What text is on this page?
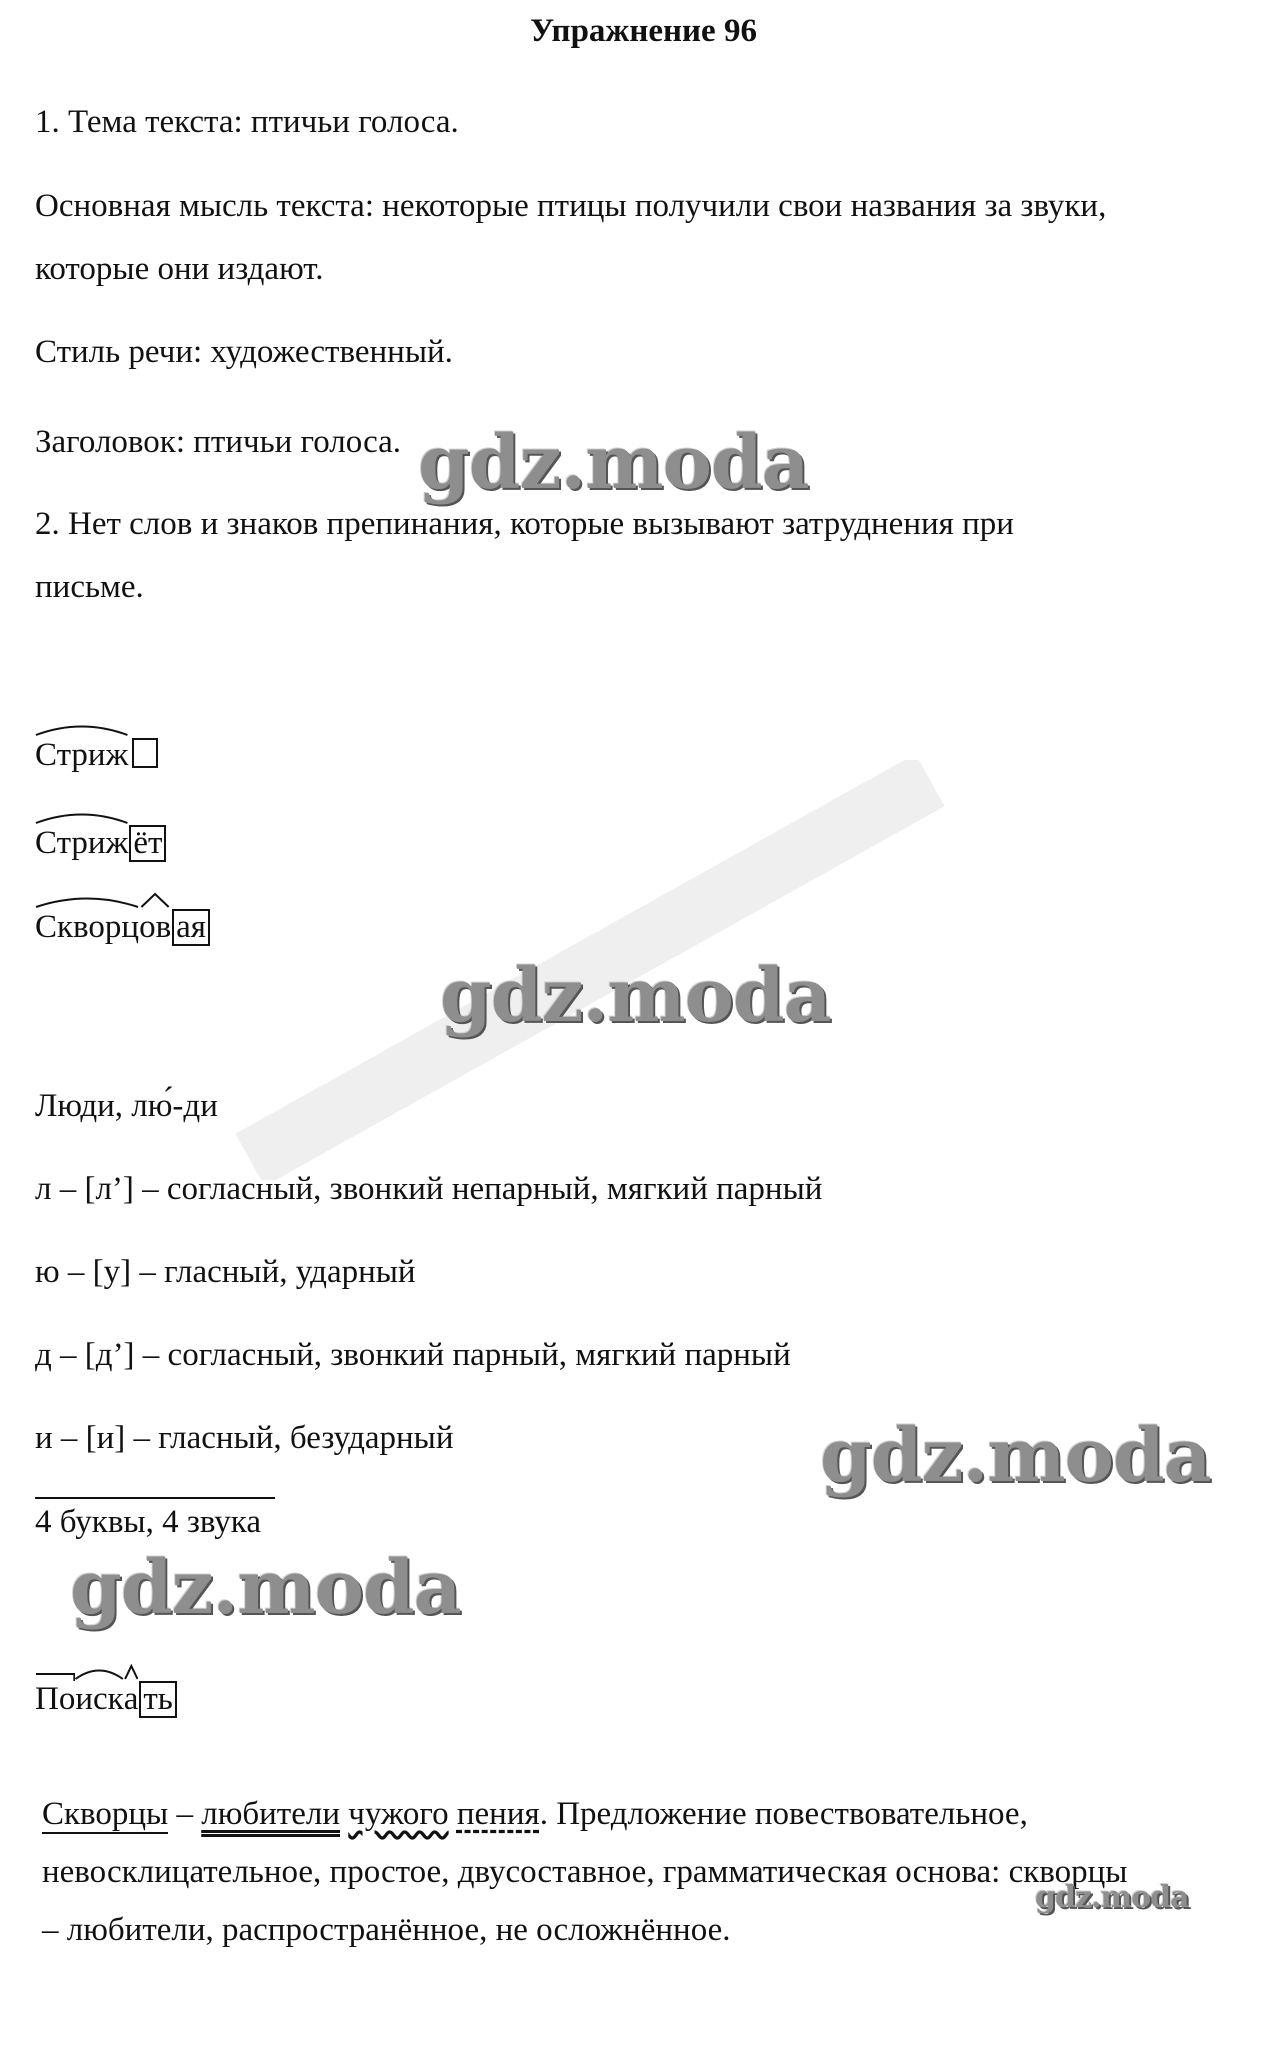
Упражнение 96
1. Тема текста: птичьи голоса.
Основная мысль текста: некоторые птицы получили свои названия за звуки,
которые они издают.
Стиль речи: художественный.
Заголовок: птичьи голоса.
2. Нет слов и знаков препинания, которые вызывают затруднения при
письме.
Стриж
Стриж ёт
Скворц
ов ая
Люди, лю́-ди
л – [л’] – согласный, звонкий непарный, мягкий парный
ю – [у] – гласный, ударный
д – [д’] – согласный, звонкий парный, мягкий парный
и – [и] – гласный, безударный
4 буквы, 4 звука
По
иск
а ть
Скворцы – любители чужого пения. Предложение повествовательное,
невосклицательное, простое, двусоставное, грамматическая основа: скворцы
– любители, распространённое, не осложнённое.
gdz.moda
gdz.moda
gdz.moda
gdz.moda
gdz.moda
